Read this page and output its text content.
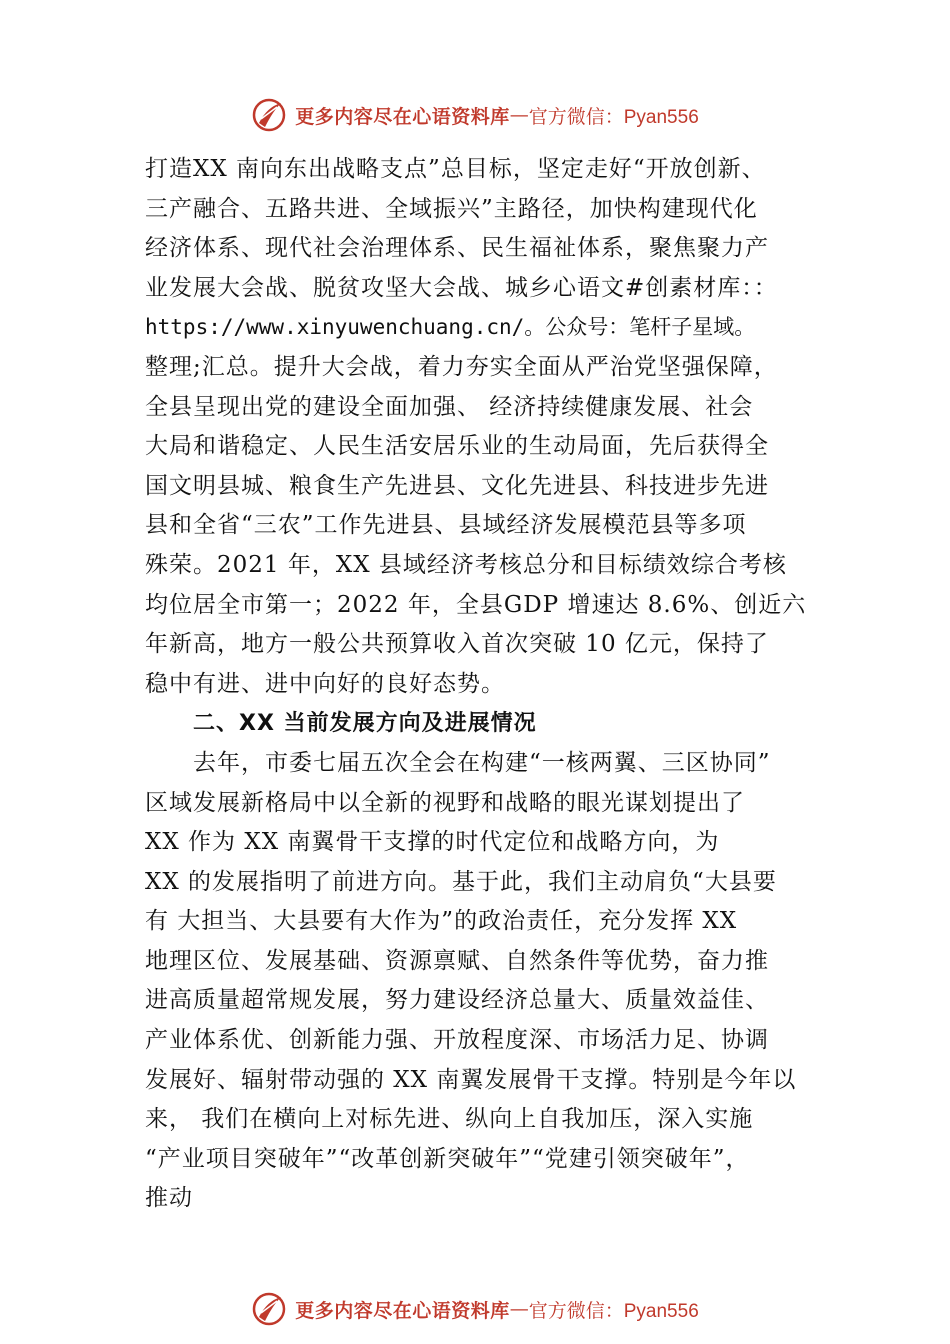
更多内容尽在心语资料库 — 官方微信：Pyan556
打造XX 南向东出战略支点”总目标，坚定走好“开放创新、
三产融合、五路共进、全域振兴”主路径，加快构建现代化
经济体系、现代社会治理体系、民生福祉体系，聚焦聚力产
业发展大会战、脱贫攻坚大会战、城乡心语文#创素材库：：
https://www.xinyuwenchuang.cn/。公众号：笔杆子星域。
整理;汇总。提升大会战，着力夯实全面从严治党坚强保障，
全县呈现出党的建设全面加强、 经济持续健康发展、社会
大局和谐稳定、人民生活安居乐业的生动局面，先后获得全
国文明县城、粮食生产先进县、文化先进县、科技进步先进
县和全省“三农”工作先进县、县域经济发展模范县等多项
殊荣。2021 年，XX 县域经济考核总分和目标绩效综合考核
均位居全市第一；2022 年，全县GDP 增速达 8.6%、创近六
年新高，地方一般公共预算收入首次突破 10 亿元，保持了
稳中有进、进中向好的良好态势。
二、XX 当前发展方向及进展情况
去年，市委七届五次全会在构建“一核两翼、三区协同”
区域发展新格局中以全新的视野和战略的眼光谋划提出了
XX 作为 XX 南翼骨干支撑的时代定位和战略方向，为
XX 的发展指明了前进方向。基于此，我们主动肩负“大县要
有 大担当、大县要有大作为”的政治责任，充分发挥 XX
地理区位、发展基础、资源禀赋、自然条件等优势，奋力推
进高质量超常规发展，努力建设经济总量大、质量效益佳、
产业体系优、创新能力强、开放程度深、市场活力足、协调
发展好、辐射带动强的 XX 南翼发展骨干支撑。特别是今年以
来， 我们在横向上对标先进、纵向上自我加压，深入实施
“产业项目突破年”“改革创新突破年”“党建引领突破年”，
推动
更多内容尽在心语资料库 — 官方微信：Pyan556
